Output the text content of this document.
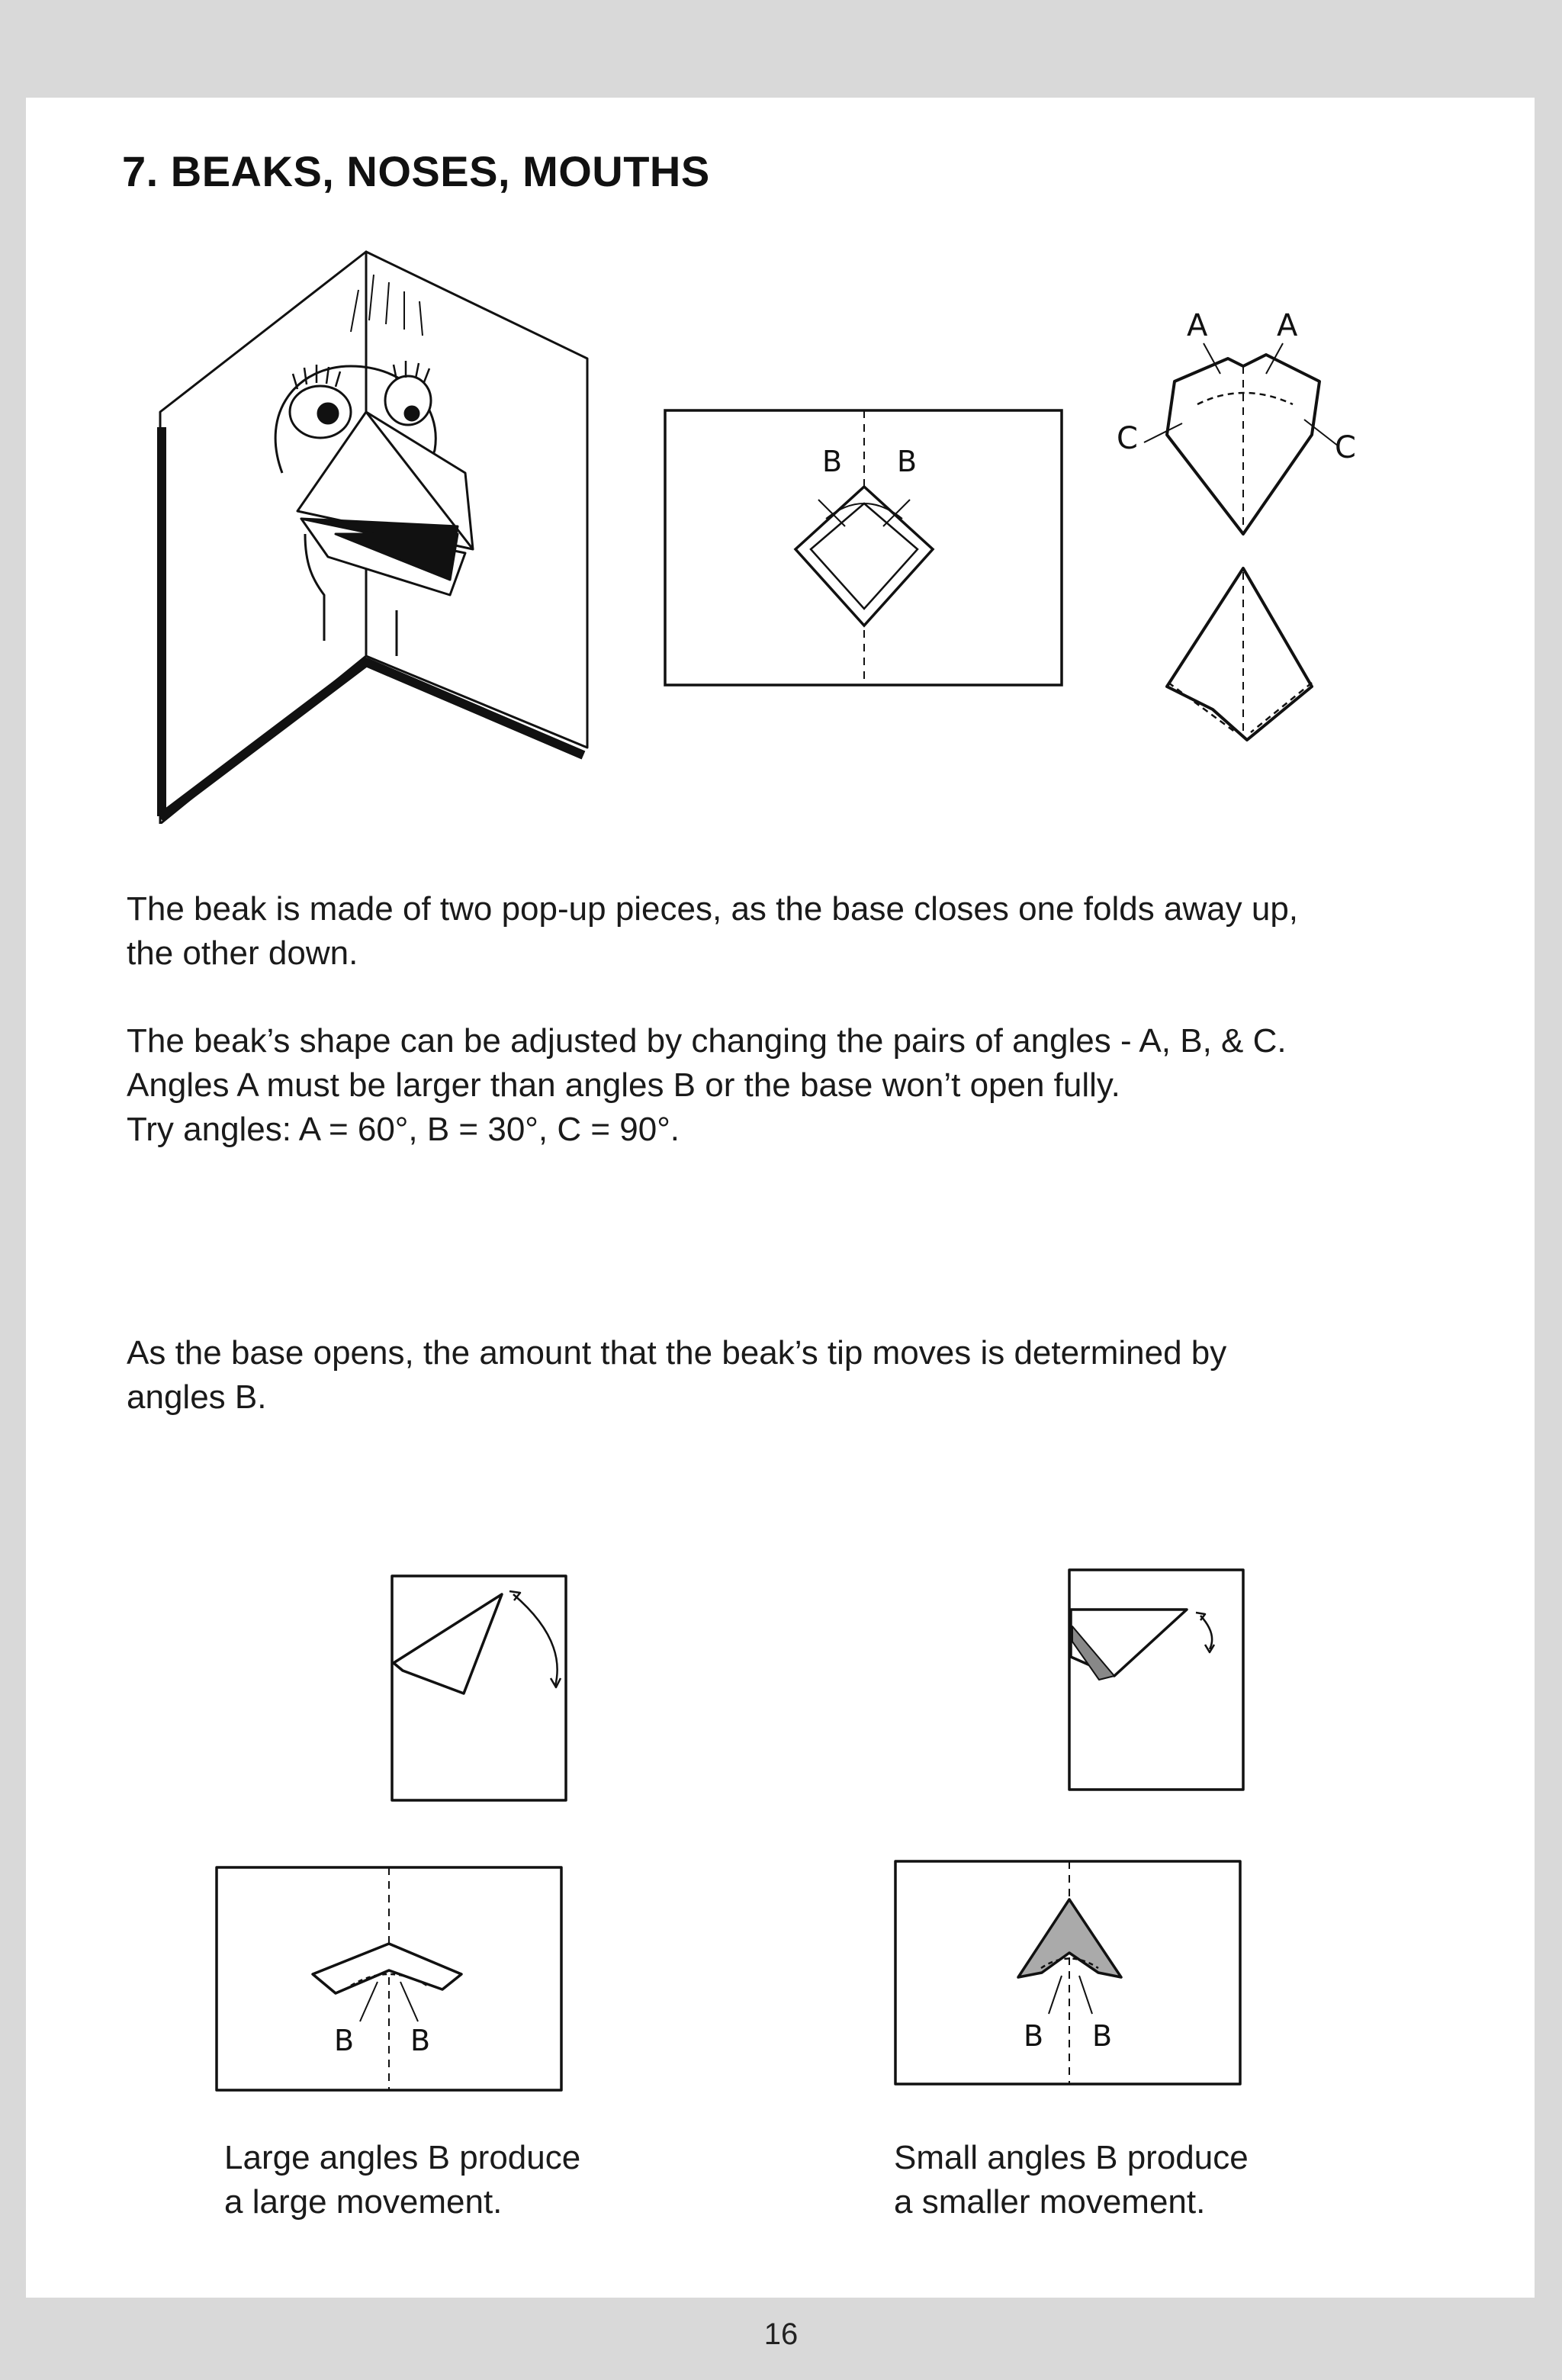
7. BEAKS, NOSES, MOUTHS
B B
A A
C	C
The beak is made of two pop-up pieces, as the base closes one folds away up,
the other down.
The beak’s shape can be adjusted by changing the pairs of angles - A, B, & C.
Angles A must be larger than angles B or the base won’t open fully.
Try angles: A = 60°, B = 30°, C = 90°.
As the base opens, the amount that the beak’s tip moves is determined by
angles B.
B B	B B
Large angles B produce
a large movement.
Small angles B produce
a smaller movement.
16
